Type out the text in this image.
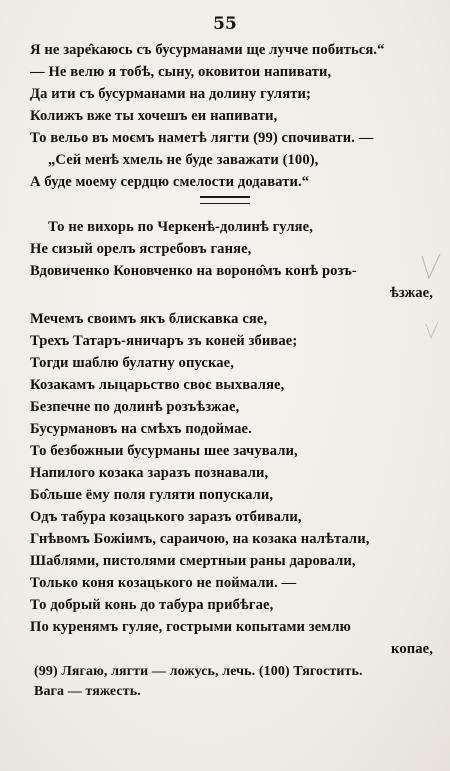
55
Я не заре̂каюсь съ бусурманами ще лучче побиться.“
— Не велю я тобѣ, сыну, оковитои напивати,
Да ити съ бусурманами на долину гуляти;
Колижъ вже ты хочешъ еи напивати,
То вельо въ моємъ наметѣ лягти (99) спочивати. —
„Сей менѣ хмель не буде заважати (100),
А буде моему сердцю смелости додавати.“
То не вихорь по Черкенѣ-долинѣ гуляе,
Не сизый орелъ ястребовъ ганяе,
Вдовиченко Коновченко на вороно̂мъ конѣ розъ-
ѣзжае,
Мечемъ своимъ якъ блискавка сяе,
Трехъ Татаръ-яничаръ зъ коней збивае;
Тогди шаблю булатну опускае,
Козакамъ лыцарьство своє выхваляе,
Безпечне по долинѣ розъѣзжае,
Бусурмановъ на смѣхъ подоймае.
То безбожныи бусурманы шее зачували,
Напилого козака заразъ познавали,
Бо̂льше ёму поля гуляти попускали,
Одъ табура козацького заразъ отбивали,
Гнѣвомъ Божіимъ, сараичою, на козака налѣтали,
Шаблями, пистолями смертныи раны даровали,
Только коня козацького не поймали. —
То добрый конь до табура прибѣгае,
По куренямъ гуляе, гострыми копытами землю
копае,
(99) Лягаю, лягти — ложусь, лечь. (100) Тягостить.
Вага — тяжесть.
